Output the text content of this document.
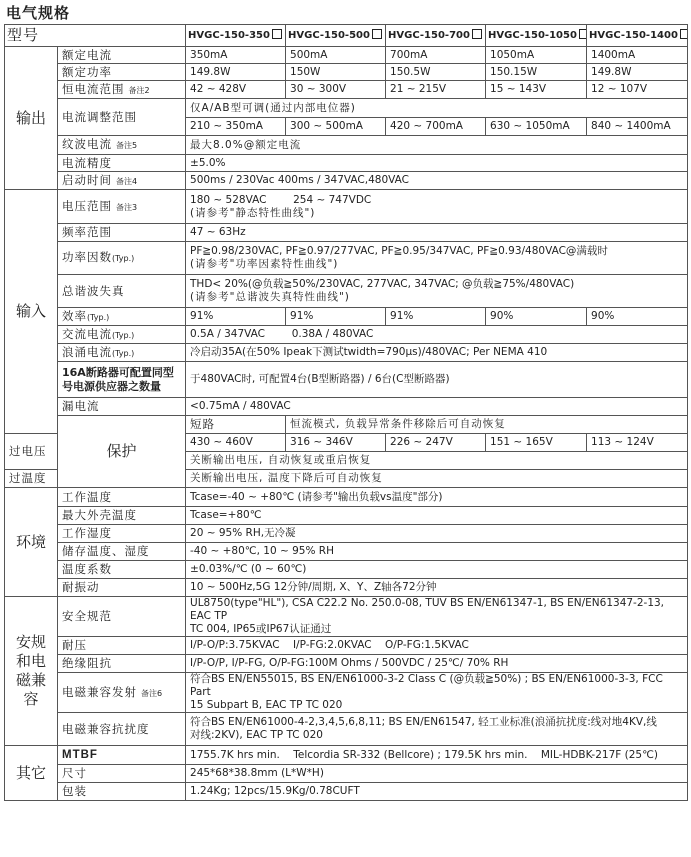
电气规格
型号		HVGC-150-350	HVGC-150-500	HVGC-150-700	HVGC-150-1050	HVGC-150-1400
输出	额定电流	350mA	500mA	700mA	1050mA	1400mA
	额定功率	149.8W	150W	150.5W	150.15W	149.8W
	恒电流范围 备注2	42 ~ 428V	30 ~ 300V	21 ~ 215V	15 ~ 143V	12 ~ 107V
	电流调整范围	仅A/AB型可调(通过内部电位器)				
		210 ~ 350mA	300 ~ 500mA	420 ~ 700mA	630 ~ 1050mA	840 ~ 1400mA
	纹波电流 备注5	最大8.0%@额定电流				
	电流精度	±5.0%				
	启动时间 备注4	500ms / 230Vac 400ms / 347VAC,480VAC				
输入	电压范围 备注3	180 ~ 528VAC        254 ~ 747VDC
(请参考"静态特性曲线")				

	频率范围	47 ~ 63Hz				
	功率因数(Typ.)	PF≧0.98/230VAC, PF≧0.97/277VAC, PF≧0.95/347VAC, PF≧0.93/480VAC@满载时
(请参考"功率因素特性曲线")				

	总谐波失真	THD< 20%(@负载≧50%/230VAC, 277VAC, 347VAC; @负载≧75%/480VAC)
(请参考"总谐波失真特性曲线")				

	效率(Typ.)	91%	91%	91%	90%	90%
	交流电流(Typ.)	0.5A / 347VAC        0.38A / 480VAC				
	浪涌电流(Typ.)	冷启动35A(在50% Ipeak下测试twidth=790μs)/480VAC; Per NEMA 410				
	16A断路器可配置同型号电源供应器之数量	于480VAC时, 可配置4台(B型断路器) / 6台(C型断路器)				
	漏电流	<0.75mA / 480VAC				
	保护	短路	恒流模式, 负载异常条件移除后可自动恢复			
过电压		430 ~ 460V	316 ~ 346V	226 ~ 247V	151 ~ 165V	113 ~ 124V
		关断输出电压, 自动恢复或重启恢复				
过温度		关断输出电压, 温度下降后可自动恢复				
环境	工作温度	Tcase=-40 ~ +80℃ (请参考"输出负载vs温度"部分)				
	最大外壳温度	Tcase=+80℃				
	工作湿度	20 ~ 95% RH,无冷凝				
	储存温度、湿度	-40 ~ +80℃, 10 ~ 95% RH				
	温度系数	±0.03%/℃ (0 ~ 60℃)				
	耐振动	10 ~ 500Hz,5G 12分钟/周期, X、Y、Z轴各72分钟				
安规和电磁兼容	安全规范	UL8750(type"HL"), CSA C22.2 No. 250.0-08, TUV BS EN/EN61347-1, BS EN/EN61347-2-13, EAC TP
TC 004, IP65或IP67认证通过				

	耐压	I/P-O/P:3.75KVAC    I/P-FG:2.0KVAC    O/P-FG:1.5KVAC				
	绝缘阻抗	I/P-O/P, I/P-FG, O/P-FG:100M Ohms / 500VDC / 25℃/ 70% RH				
	电磁兼容发射 备注6	符合BS EN/EN55015, BS EN/EN61000-3-2 Class C (@负载≧50%) ; BS EN/EN61000-3-3, FCC Part
15 Subpart B, EAC TP TC 020				

	电磁兼容抗扰度	符合BS EN/EN61000-4-2,3,4,5,6,8,11; BS EN/EN61547, 轻工业标准(浪涌抗扰度:线对地4KV,线
对线:2KV), EAC TP TC 020				

其它	MTBF	1755.7K hrs min.    Telcordia SR-332 (Bellcore) ; 179.5K hrs min.    MIL-HDBK-217F (25℃)				
	尺寸	245*68*38.8mm (L*W*H)				
	包装	1.24Kg; 12pcs/15.9Kg/0.78CUFT				
